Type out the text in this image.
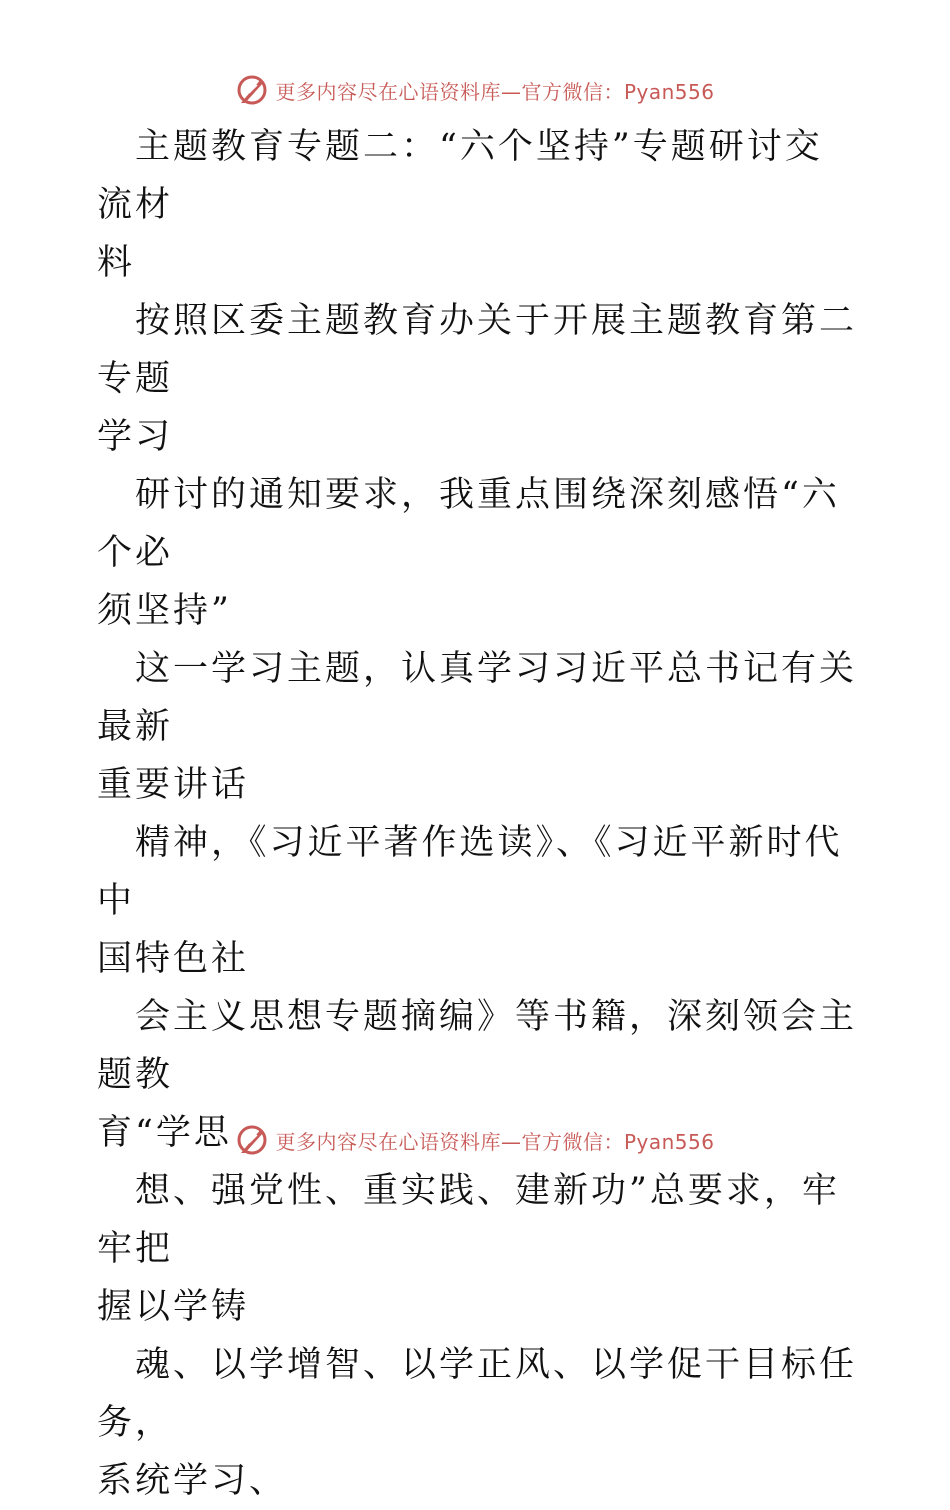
更多内容尽在心语资料库—官方微信：Pyan556

主题教育专题二：“六个坚持”专题研讨交流材
料

按照区委主题教育办关于开展主题教育第二专题
学习

研讨的通知要求，我重点围绕深刻感悟“六个必
须坚持”

这一学习主题，认真学习习近平总书记有关最新
重要讲话

精神，《习近平著作选读》、《习近平新时代中
国特色社

会主义思想专题摘编》等书籍，深刻领会主题教
育“学思

想、强党性、重实践、建新功”总要求，牢牢把
握以学铸

魂、以学增智、以学正风、以学促干目标任务，
系统学习、

更多内容尽在心语资料库—官方微信：Pyan556
